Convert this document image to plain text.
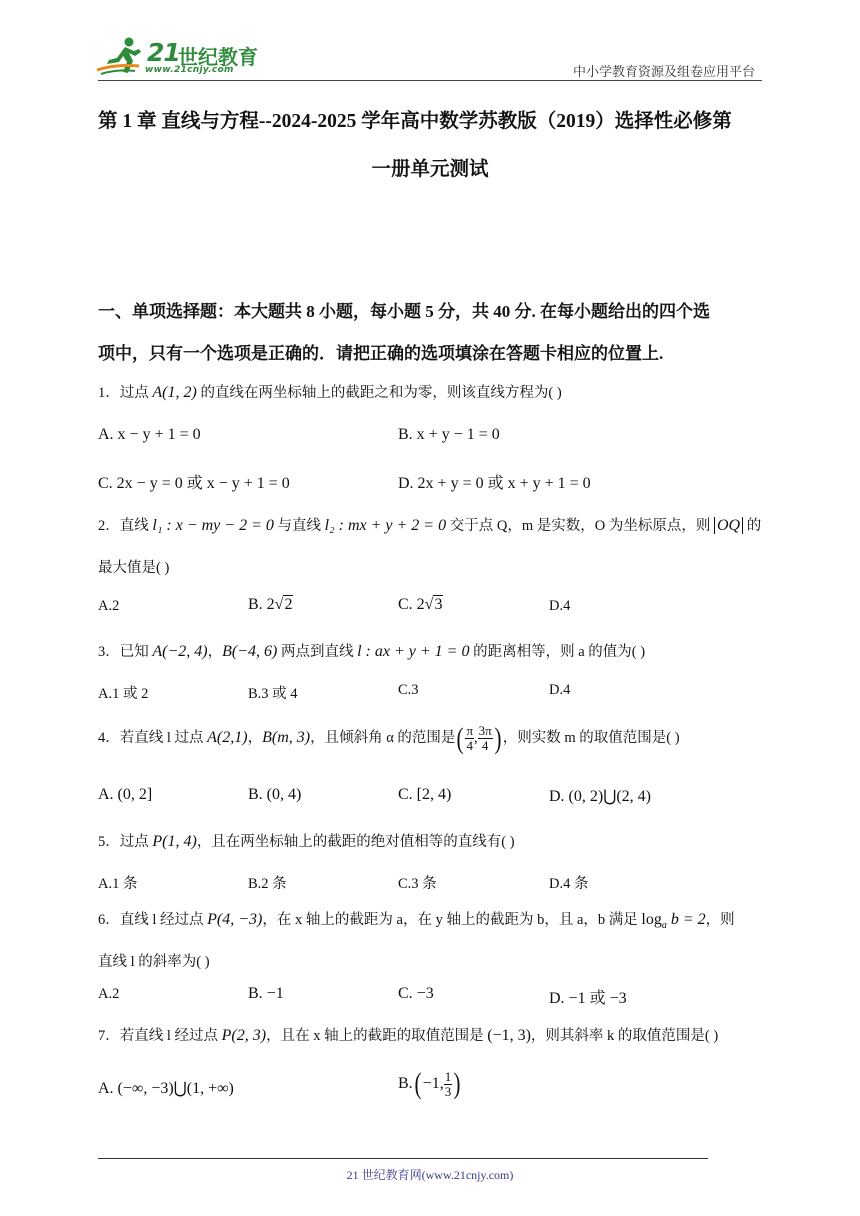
21
世纪教育
www.21cnjy.com	中小学教育资源及组卷应用平台
第 1 章 直线与方程--2024-2025 学年高中数学苏教版（2019）选择性必修第
一册单元测试
一、单项选择题：本大题共 8 小题，每小题 5 分，共 40 分. 在每小题给出的四个选
项中，只有一个选项是正确的．请把正确的选项填涂在答题卡相应的位置上.
1．过点 A(1, 2) 的直线在两坐标轴上的截距之和为零，则该直线方程为( )
A. x − y + 1 = 0	B. x + y − 1 = 0
C. 2x − y = 0 或 x − y + 1 = 0	D. 2x + y = 0 或 x + y + 1 = 0
2．直线 l₁ : x − my − 2 = 0 与直线 l₂ : mx + y + 2 = 0 交于点 Q，m 是实数，O 为坐标原点，则 OQ 的
最大值是( )
A.2	B. 2√2	C. 2√3	D.4
3．已知 A(−2, 4)，B(−4, 6) 两点到直线 l : ax + y + 1 = 0 的距离相等，则 a 的值为( )
A.1 或 2	B.3 或 4	C.3	D.4
4．若直线 l 过点 A(2,1)，B(m, 3)，且倾斜角 α 的范围是( $\frac{\pi}{4}$ , $\frac{3\pi}{4}$ ) ，则实数 m 的取值范围是( )
A. (0, 2]	B. (0, 4)	C. [2, 4)	D. (0, 2)⋃(2, 4)
5．过点 P(1, 4)，且在两坐标轴上的截距的绝对值相等的直线有( )
A.1 条	B.2 条	C.3 条	D.4 条
6．直线 l 经过点 P(4, −3)，在 x 轴上的截距为 a，在 y 轴上的截距为 b，且 a，b 满足 $\log_a b = 2$，则
直线 l 的斜率为( )
A.2	B. −1	C. −3	D. −1 或 −3
7．若直线 l 经过点 P(2, 3)，且在 x 轴上的截距的取值范围是 (−1, 3)，则其斜率 k 的取值范围是( )
A. (−∞, −3)⋃(1, +∞)	B.(−1, $\frac{1}{3}$ )
21 世纪教育网(www.21cnjy.com)
